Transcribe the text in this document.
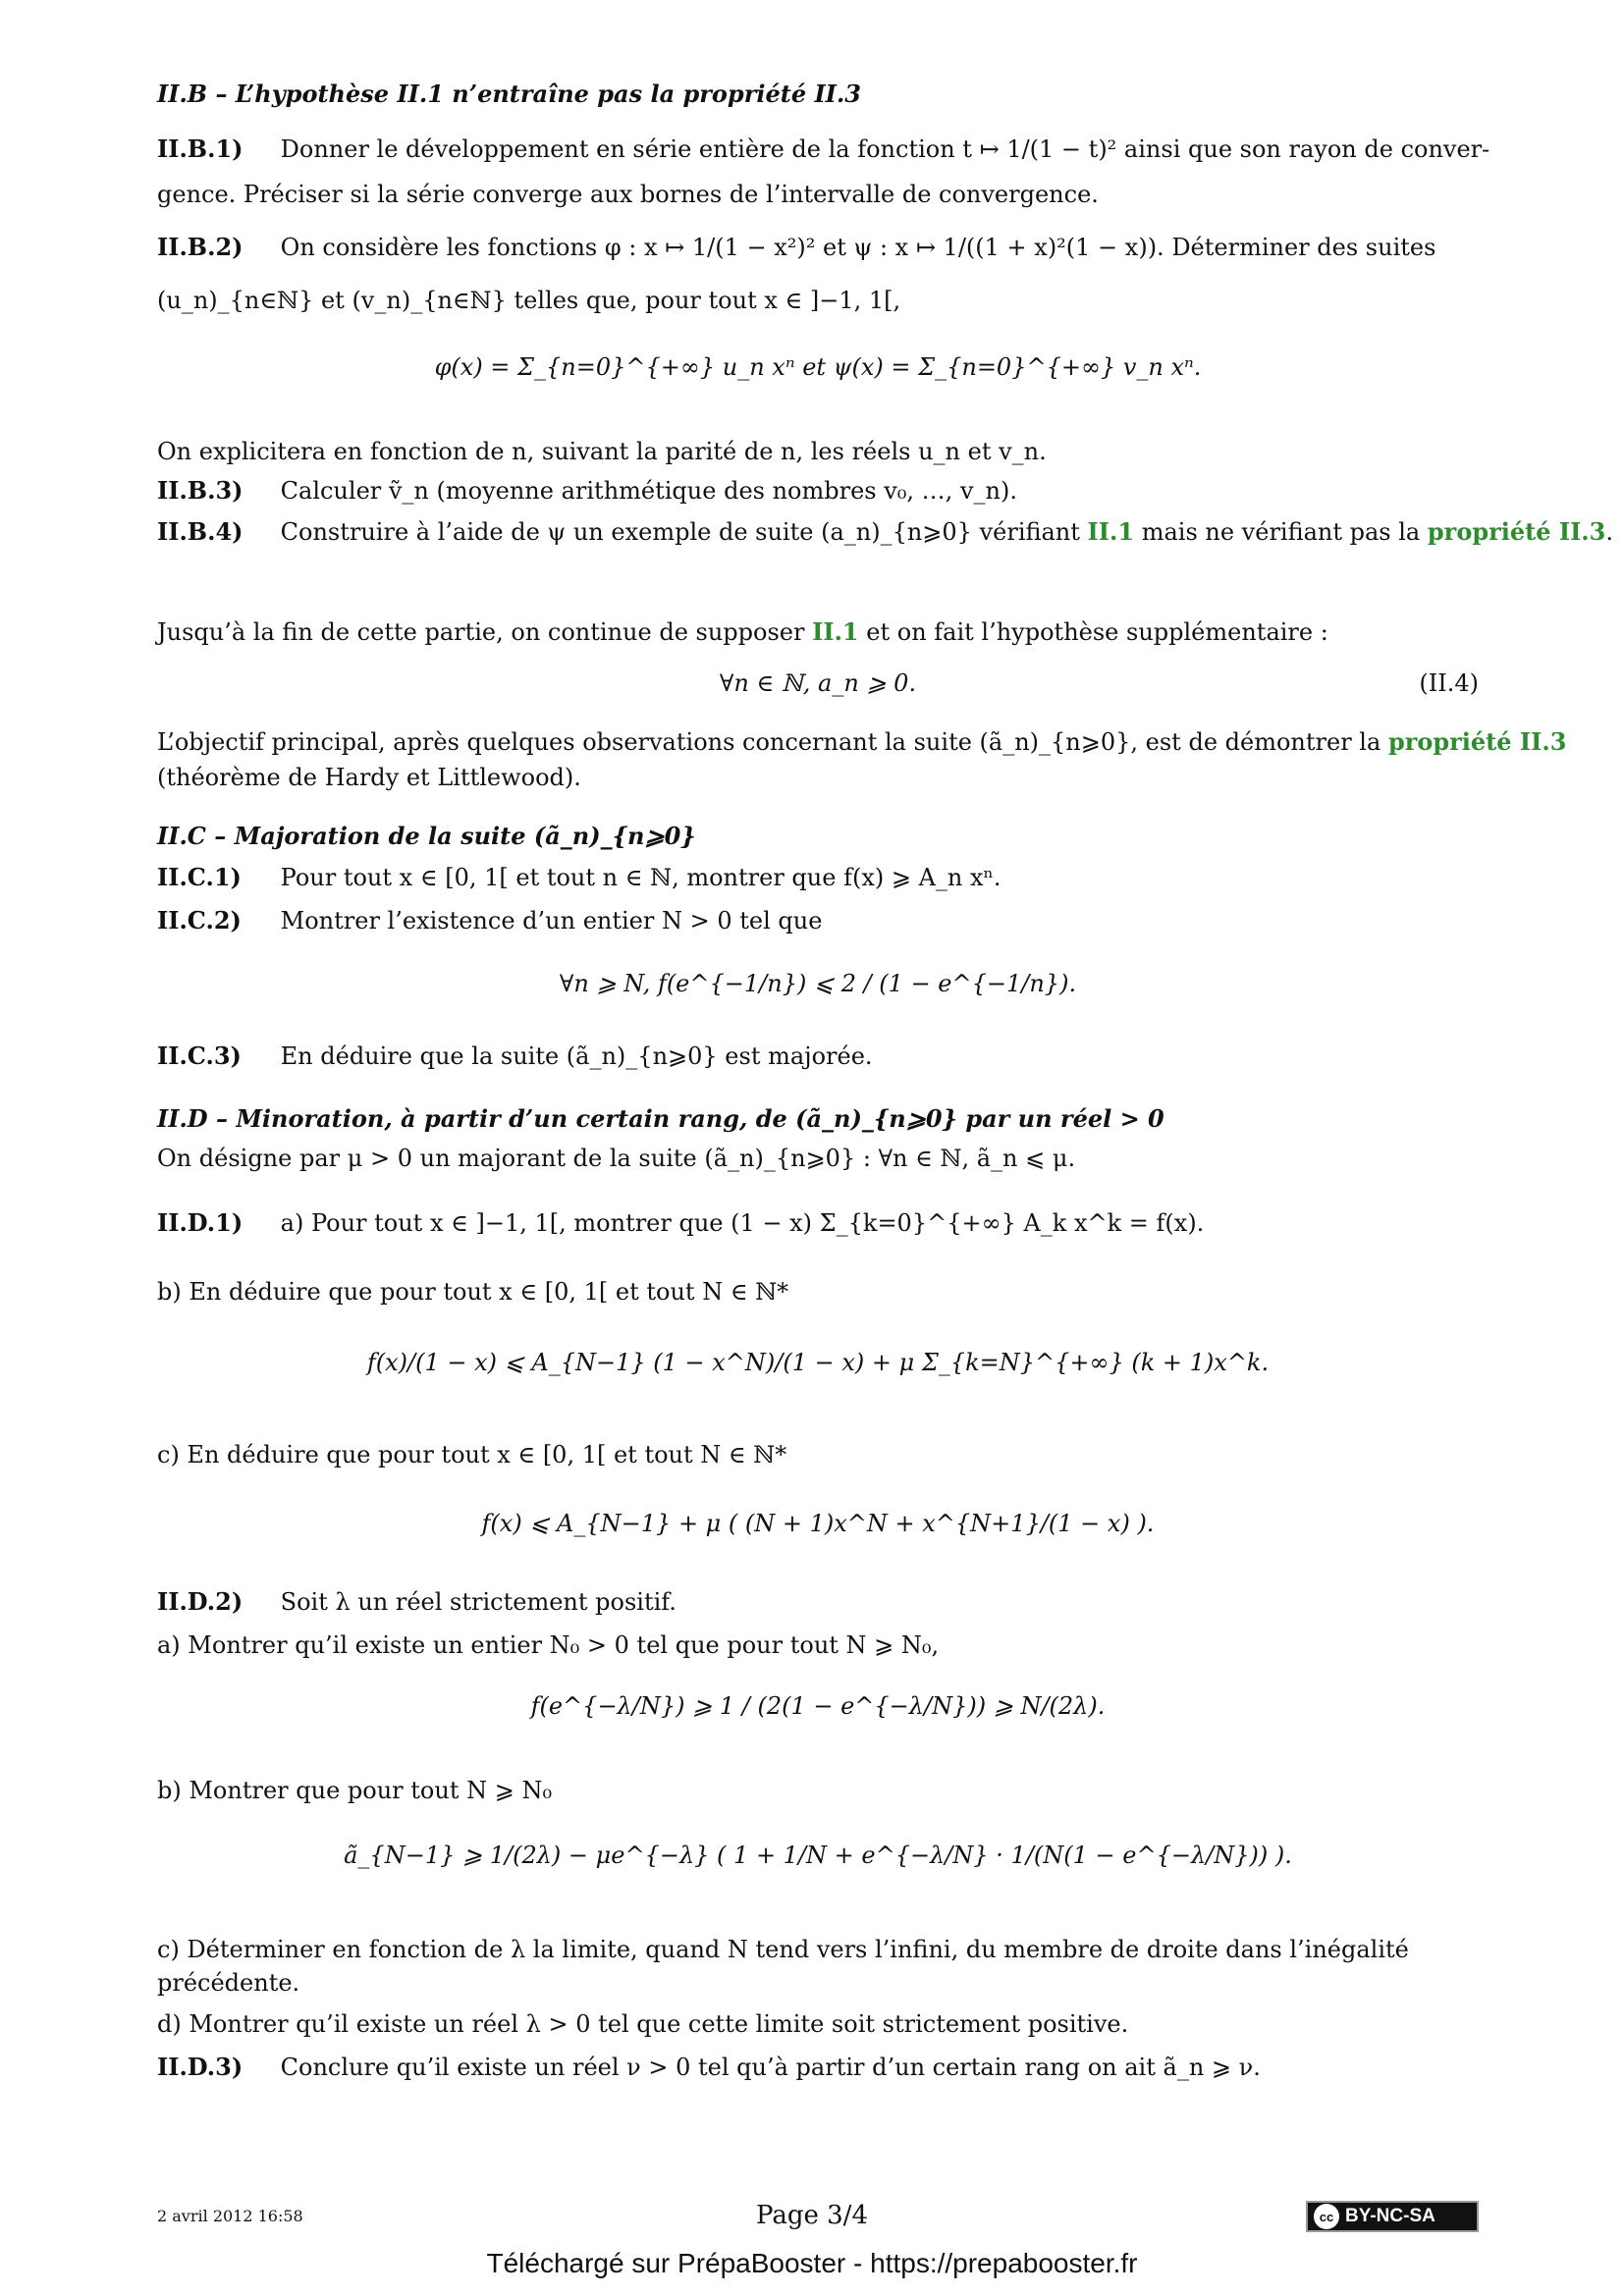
II.B – L’hypothèse II.1 n’entraîne pas la propriété II.3
II.B.1) Donner le développement en série entière de la fonction t ↦ 1/(1 − t)² ainsi que son rayon de conver-
gence. Préciser si la série converge aux bornes de l’intervalle de convergence.
II.B.2) On considère les fonctions φ : x ↦ 1/(1 − x²)² et ψ : x ↦ 1/((1 + x)²(1 − x)). Déterminer des suites
(u_n)_{n∈ℕ} et (v_n)_{n∈ℕ} telles que, pour tout x ∈ ]−1, 1[,
φ(x) = Σ_{n=0}^{+∞} u_n xⁿ et ψ(x) = Σ_{n=0}^{+∞} v_n xⁿ.
On explicitera en fonction de n, suivant la parité de n, les réels u_n et v_n.
II.B.3) Calculer ṽ_n (moyenne arithmétique des nombres v₀, …, v_n).
II.B.4) Construire à l’aide de ψ un exemple de suite (a_n)_{n⩾0} vérifiant II.1 mais ne vérifiant pas la propriété II.3.
Jusqu’à la fin de cette partie, on continue de supposer II.1 et on fait l’hypothèse supplémentaire :
∀n ∈ ℕ, a_n ⩾ 0.	(II.4)
L’objectif principal, après quelques observations concernant la suite (ã_n)_{n⩾0}, est de démontrer la propriété II.3
(théorème de Hardy et Littlewood).
II.C – Majoration de la suite (ã_n)_{n⩾0}
II.C.1) Pour tout x ∈ [0, 1[ et tout n ∈ ℕ, montrer que f(x) ⩾ A_n xⁿ.
II.C.2) Montrer l’existence d’un entier N > 0 tel que
∀n ⩾ N, f(e^{−1/n}) ⩽ 2 / (1 − e^{−1/n}).
II.C.3) En déduire que la suite (ã_n)_{n⩾0} est majorée.
II.D – Minoration, à partir d’un certain rang, de (ã_n)_{n⩾0} par un réel > 0
On désigne par μ > 0 un majorant de la suite (ã_n)_{n⩾0} : ∀n ∈ ℕ, ã_n ⩽ μ.
II.D.1) a) Pour tout x ∈ ]−1, 1[, montrer que (1 − x) Σ_{k=0}^{+∞} A_k x^k = f(x).
b) En déduire que pour tout x ∈ [0, 1[ et tout N ∈ ℕ*
f(x)/(1 − x) ⩽ A_{N−1} (1 − x^N)/(1 − x) + μ Σ_{k=N}^{+∞} (k + 1)x^k.
c) En déduire que pour tout x ∈ [0, 1[ et tout N ∈ ℕ*
f(x) ⩽ A_{N−1} + μ ( (N + 1)x^N + x^{N+1}/(1 − x) ).
II.D.2) Soit λ un réel strictement positif.
a) Montrer qu’il existe un entier N₀ > 0 tel que pour tout N ⩾ N₀,
f(e^{−λ/N}) ⩾ 1 / (2(1 − e^{−λ/N})) ⩾ N/(2λ).
b) Montrer que pour tout N ⩾ N₀
ã_{N−1} ⩾ 1/(2λ) − μe^{−λ} ( 1 + 1/N + e^{−λ/N} · 1/(N(1 − e^{−λ/N})) ).
c) Déterminer en fonction de λ la limite, quand N tend vers l’infini, du membre de droite dans l’inégalité
précédente.
d) Montrer qu’il existe un réel λ > 0 tel que cette limite soit strictement positive.
II.D.3) Conclure qu’il existe un réel ν > 0 tel qu’à partir d’un certain rang on ait ã_n ⩾ ν.
2 avril 2012 16:58	Page 3/4	cc BY-NC-SA
Téléchargé sur PrépaBooster - https://prepabooster.fr
